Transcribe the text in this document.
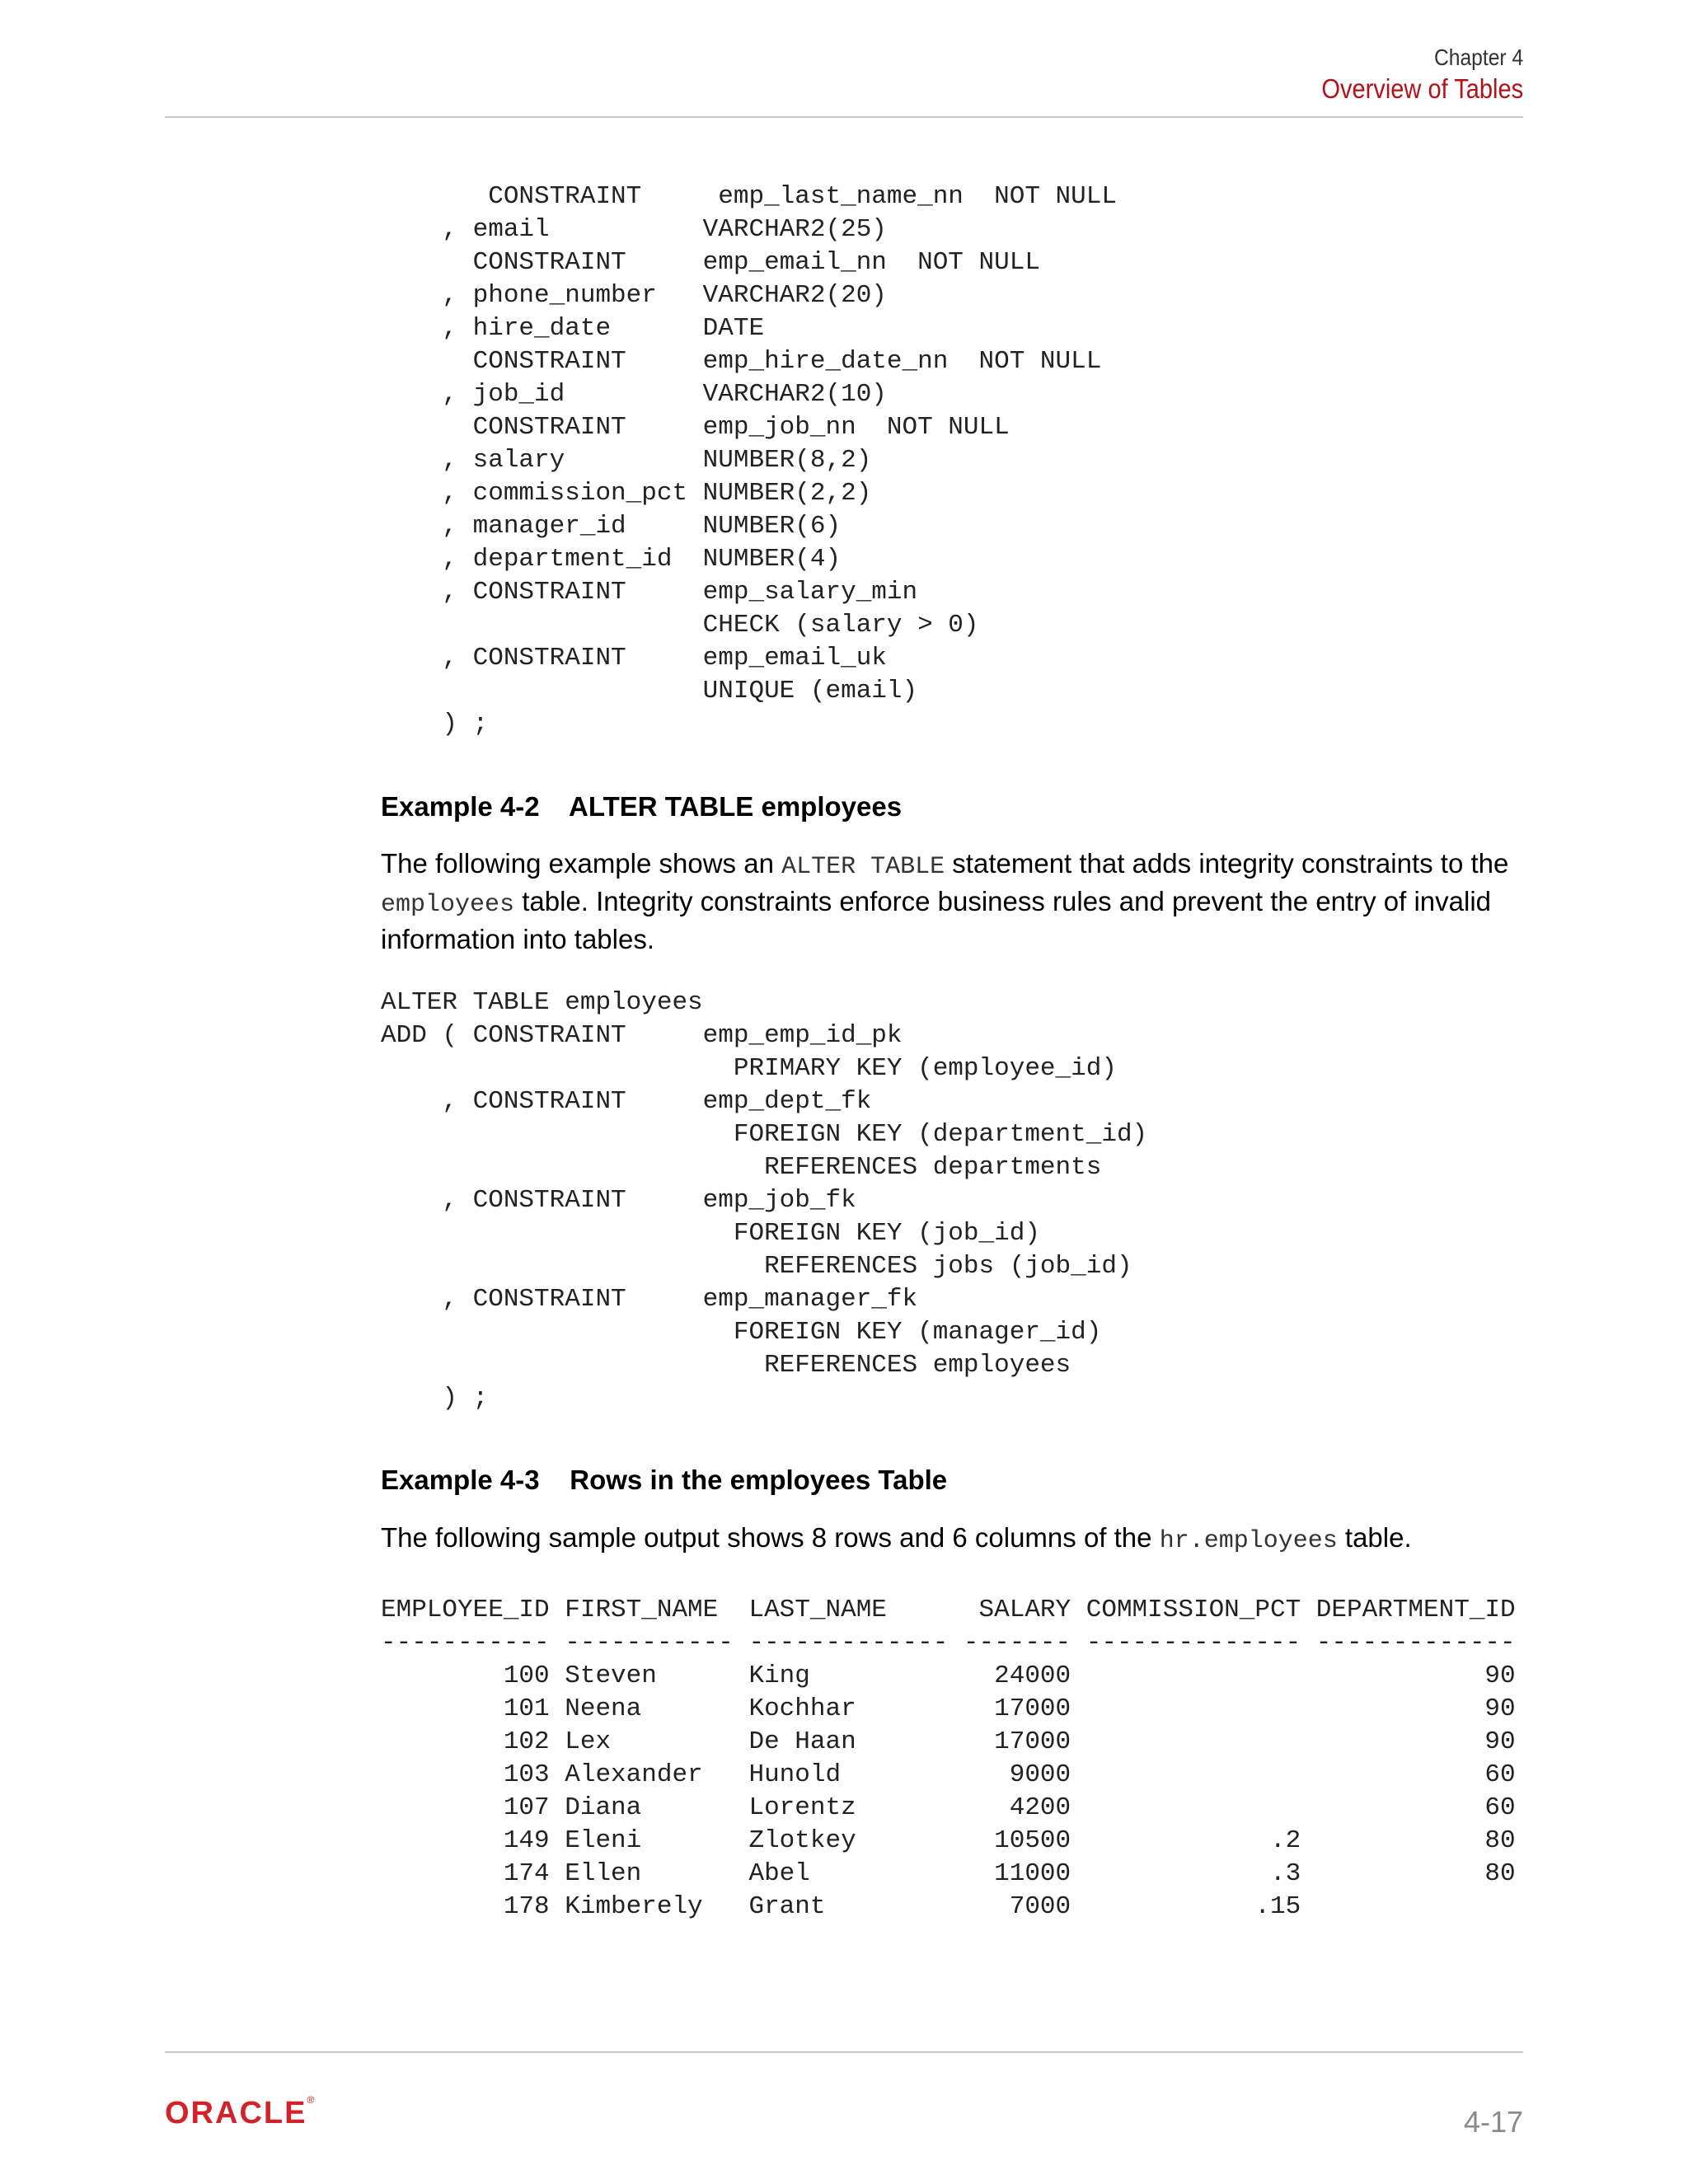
Chapter 4
Overview of Tables
CONSTRAINT     emp_last_name_nn  NOT NULL
, email          VARCHAR2(25)
CONSTRAINT     emp_email_nn  NOT NULL
, phone_number   VARCHAR2(20)
, hire_date      DATE
CONSTRAINT     emp_hire_date_nn  NOT NULL
, job_id         VARCHAR2(10)
CONSTRAINT     emp_job_nn  NOT NULL
, salary         NUMBER(8,2)
, commission_pct NUMBER(2,2)
, manager_id     NUMBER(6)
, department_id  NUMBER(4)
, CONSTRAINT     emp_salary_min
CHECK (salary > 0)
, CONSTRAINT     emp_email_uk
UNIQUE (email)
) ;
Example 4-2    ALTER TABLE employees
The following example shows an ALTER TABLE statement that adds integrity constraints to the employees table. Integrity constraints enforce business rules and prevent the entry of invalid information into tables.
ALTER TABLE employees
ADD ( CONSTRAINT     emp_emp_id_pk
PRIMARY KEY (employee_id)
, CONSTRAINT     emp_dept_fk
FOREIGN KEY (department_id)
REFERENCES departments
, CONSTRAINT     emp_job_fk
FOREIGN KEY (job_id)
REFERENCES jobs (job_id)
, CONSTRAINT     emp_manager_fk
FOREIGN KEY (manager_id)
REFERENCES employees
) ;
Example 4-3    Rows in the employees Table
The following sample output shows 8 rows and 6 columns of the hr.employees table.
EMPLOYEE_ID FIRST_NAME  LAST_NAME      SALARY COMMISSION_PCT DEPARTMENT_ID
----------- ----------- ------------- ------- -------------- -------------
100 Steven      King            24000                           90
101 Neena       Kochhar         17000                           90
102 Lex         De Haan         17000                           90
103 Alexander   Hunold           9000                           60
107 Diana       Lorentz          4200                           60
149 Eleni       Zlotkey         10500             .2            80
174 Ellen       Abel            11000             .3            80
178 Kimberely   Grant            7000            .15
ORACLE®
4-17
